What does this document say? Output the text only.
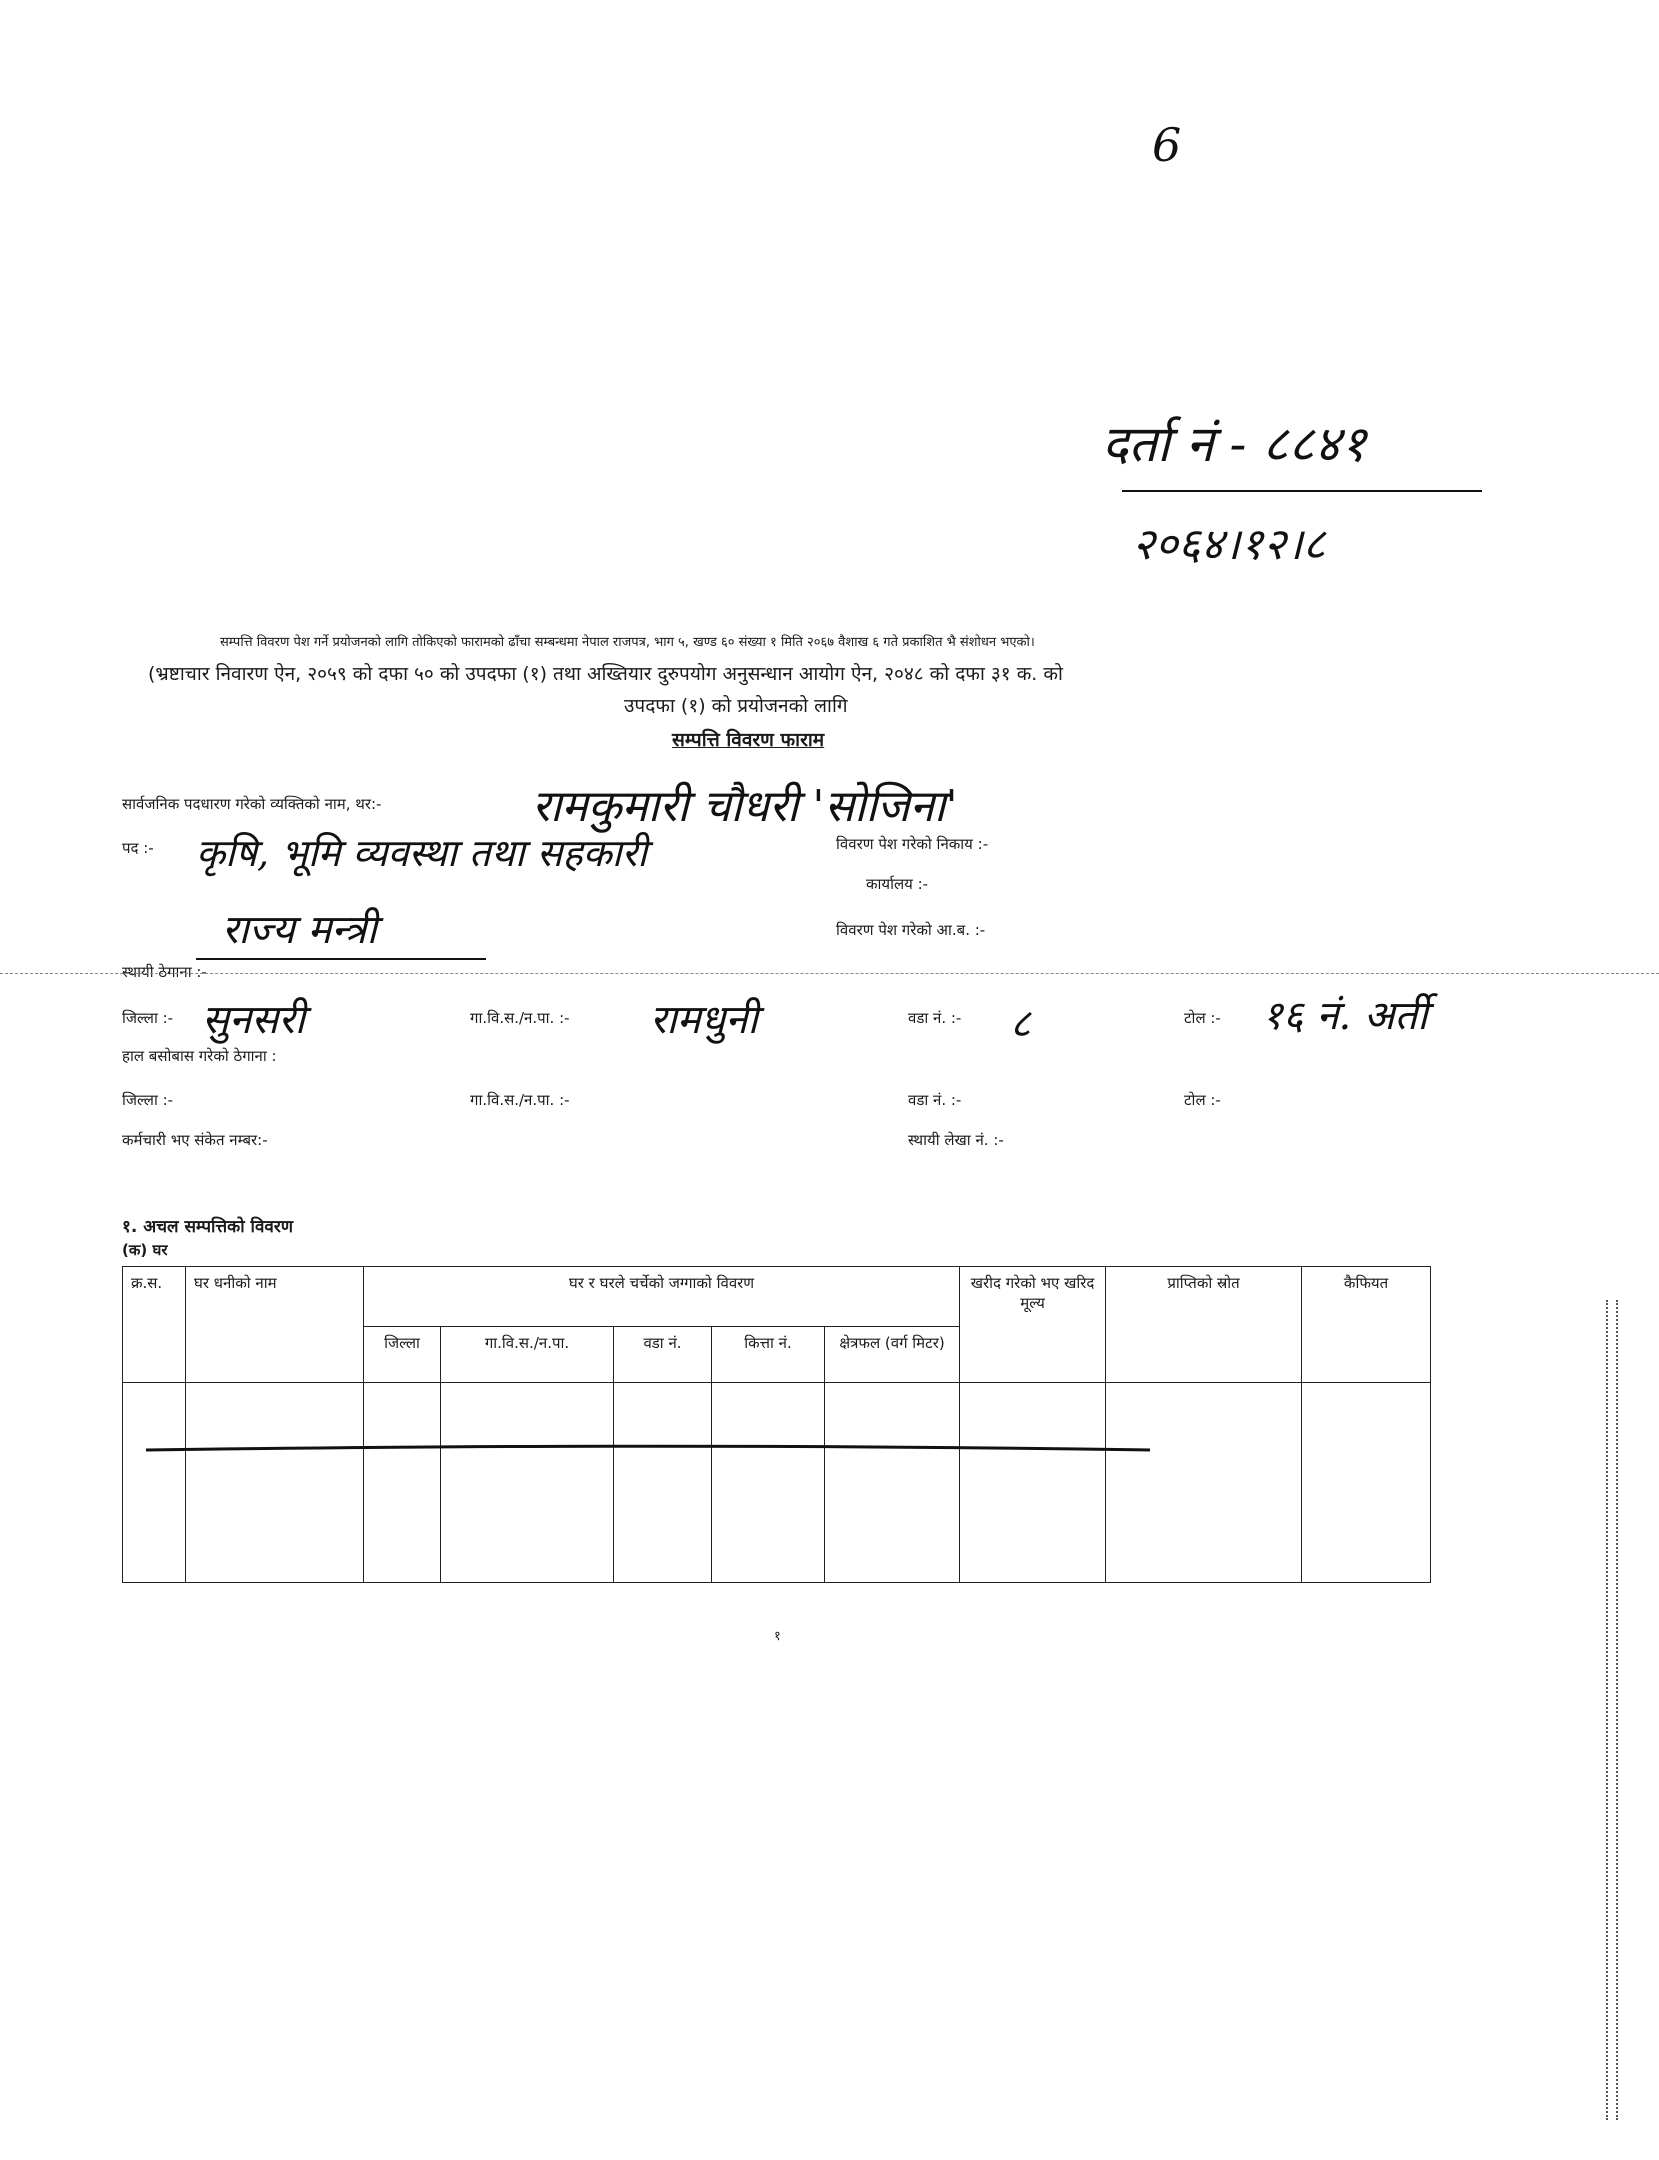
6
दर्ता नं - ८८४१
२०६४।१२।८
सम्पत्ति विवरण पेश गर्ने प्रयोजनको लागि तोकिएको फारामको ढाँचा सम्बन्धमा नेपाल राजपत्र, भाग ५, खण्ड ६० संख्या १ मिति २०६७ वैशाख ६ गते प्रकाशित भै संशोधन भएको।
(भ्रष्टाचार निवारण ऐन, २०५९ को दफा ५० को उपदफा (१) तथा अख्तियार दुरुपयोग अनुसन्धान आयोग ऐन, २०४८ को दफा ३१ क. को
उपदफा (१) को प्रयोजनको लागि
सम्पत्ति विवरण फाराम
सार्वजनिक पदधारण गरेको व्यक्तिको नाम, थर:-	रामकुमारी चौधरी 'सोजिना'
पद :- कृषि, भूमि व्यवस्था तथा सहकारी
राज्य मन्त्री
विवरण पेश गरेको निकाय :-
कार्यालय :-
विवरण पेश गरेको आ.ब. :-
स्थायी ठेगाना :-
जिल्ला :- सुनसरी	गा.वि.स./न.पा. :- रामधुनी	वडा नं. :- ८	टोल :- १६ नं. अर्ती
हाल बसोबास गरेको ठेगाना :
जिल्ला :-	गा.वि.स./न.पा. :-	वडा नं. :-	टोल :-
कर्मचारी भए संकेत नम्बर:-	स्थायी लेखा नं. :-
१. अचल सम्पत्तिको विवरण
(क) घर
क्र.स.	घर धनीको नाम	घर र घरले चर्चेको जग्गाको विवरण					खरीद गरेको भए खरिद मूल्य	प्राप्तिको स्रोत	कैफियत
		जिल्ला	गा.वि.स./न.पा.	वडा नं.	कित्ता नं.	क्षेत्रफल (वर्ग मिटर)			

१
